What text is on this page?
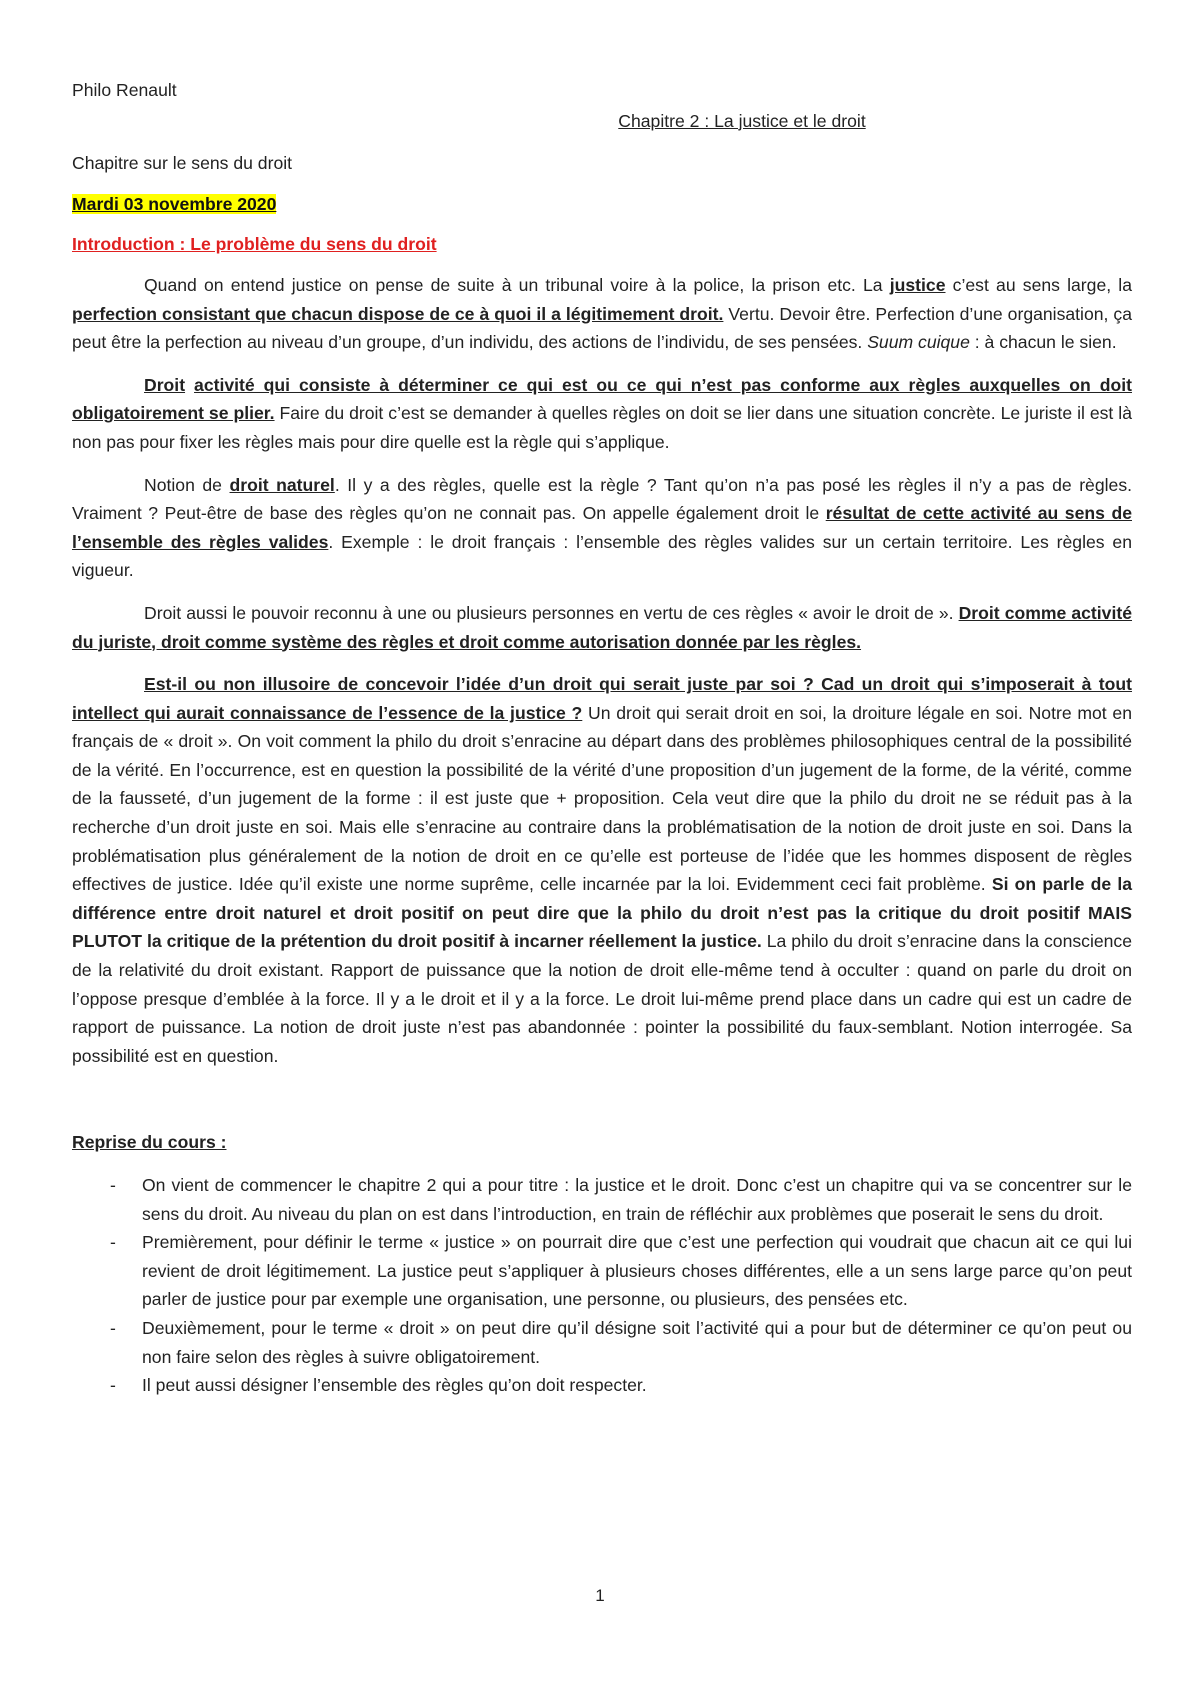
Philo Renault

Chapitre 2 : La justice et le droit

Chapitre sur le sens du droit

Mardi 03 novembre 2020

Introduction : Le problème du sens du droit

Quand on entend justice on pense de suite à un tribunal voire à la police, la prison etc. La justice c’est au sens large, la perfection consistant que chacun dispose de ce à quoi il a légitimement droit. Vertu. Devoir être. Perfection d’une organisation, ça peut être la perfection au niveau d’un groupe, d’un individu, des actions de l’individu, de ses pensées. Suum cuique : à chacun le sien.

Droit activité qui consiste à déterminer ce qui est ou ce qui n’est pas conforme aux règles auxquelles on doit obligatoirement se plier. Faire du droit c’est se demander à quelles règles on doit se lier dans une situation concrète. Le juriste il est là non pas pour fixer les règles mais pour dire quelle est la règle qui s’applique.

Notion de droit naturel. Il y a des règles, quelle est la règle ? Tant qu’on n’a pas posé les règles il n’y a pas de règles. Vraiment ? Peut-être de base des règles qu’on ne connait pas. On appelle également droit le résultat de cette activité au sens de l’ensemble des règles valides. Exemple : le droit français : l’ensemble des règles valides sur un certain territoire. Les règles en vigueur.

Droit aussi le pouvoir reconnu à une ou plusieurs personnes en vertu de ces règles « avoir le droit de ». Droit comme activité du juriste, droit comme système des règles et droit comme autorisation donnée par les règles.

Est-il ou non illusoire de concevoir l’idée d’un droit qui serait juste par soi ? Cad un droit qui s’imposerait à tout intellect qui aurait connaissance de l’essence de la justice ? Un droit qui serait droit en soi, la droiture légale en soi. Notre mot en français de « droit ». On voit comment la philo du droit s’enracine au départ dans des problèmes philosophiques central de la possibilité de la vérité. En l’occurrence, est en question la possibilité de la vérité d’une proposition d’un jugement de la forme, de la vérité, comme de la fausseté, d’un jugement de la forme : il est juste que + proposition. Cela veut dire que la philo du droit ne se réduit pas à la recherche d’un droit juste en soi. Mais elle s’enracine au contraire dans la problématisation de la notion de droit juste en soi. Dans la problématisation plus généralement de la notion de droit en ce qu’elle est porteuse de l’idée que les hommes disposent de règles effectives de justice. Idée qu’il existe une norme suprême, celle incarnée par la loi. Evidemment ceci fait problème. Si on parle de la différence entre droit naturel et droit positif on peut dire que la philo du droit n’est pas la critique du droit positif MAIS PLUTOT la critique de la prétention du droit positif à incarner réellement la justice. La philo du droit s’enracine dans la conscience de la relativité du droit existant. Rapport de puissance que la notion de droit elle-même tend à occulter : quand on parle du droit on l’oppose presque d’emblée à la force. Il y a le droit et il y a la force. Le droit lui-même prend place dans un cadre qui est un cadre de rapport de puissance. La notion de droit juste n’est pas abandonnée : pointer la possibilité du faux-semblant. Notion interrogée. Sa possibilité est en question.

Reprise du cours :

- On vient de commencer le chapitre 2 qui a pour titre : la justice et le droit. Donc c’est un chapitre qui va se concentrer sur le sens du droit. Au niveau du plan on est dans l’introduction, en train de réfléchir aux problèmes que poserait le sens du droit.
- Premièrement, pour définir le terme « justice » on pourrait dire que c’est une perfection qui voudrait que chacun ait ce qui lui revient de droit légitimement. La justice peut s’appliquer à plusieurs choses différentes, elle a un sens large parce qu’on peut parler de justice pour par exemple une organisation, une personne, ou plusieurs, des pensées etc.
- Deuxièmement, pour le terme « droit » on peut dire qu’il désigne soit l’activité qui a pour but de déterminer ce qu’on peut ou non faire selon des règles à suivre obligatoirement.
- Il peut aussi désigner l’ensemble des règles qu’on doit respecter.
1
